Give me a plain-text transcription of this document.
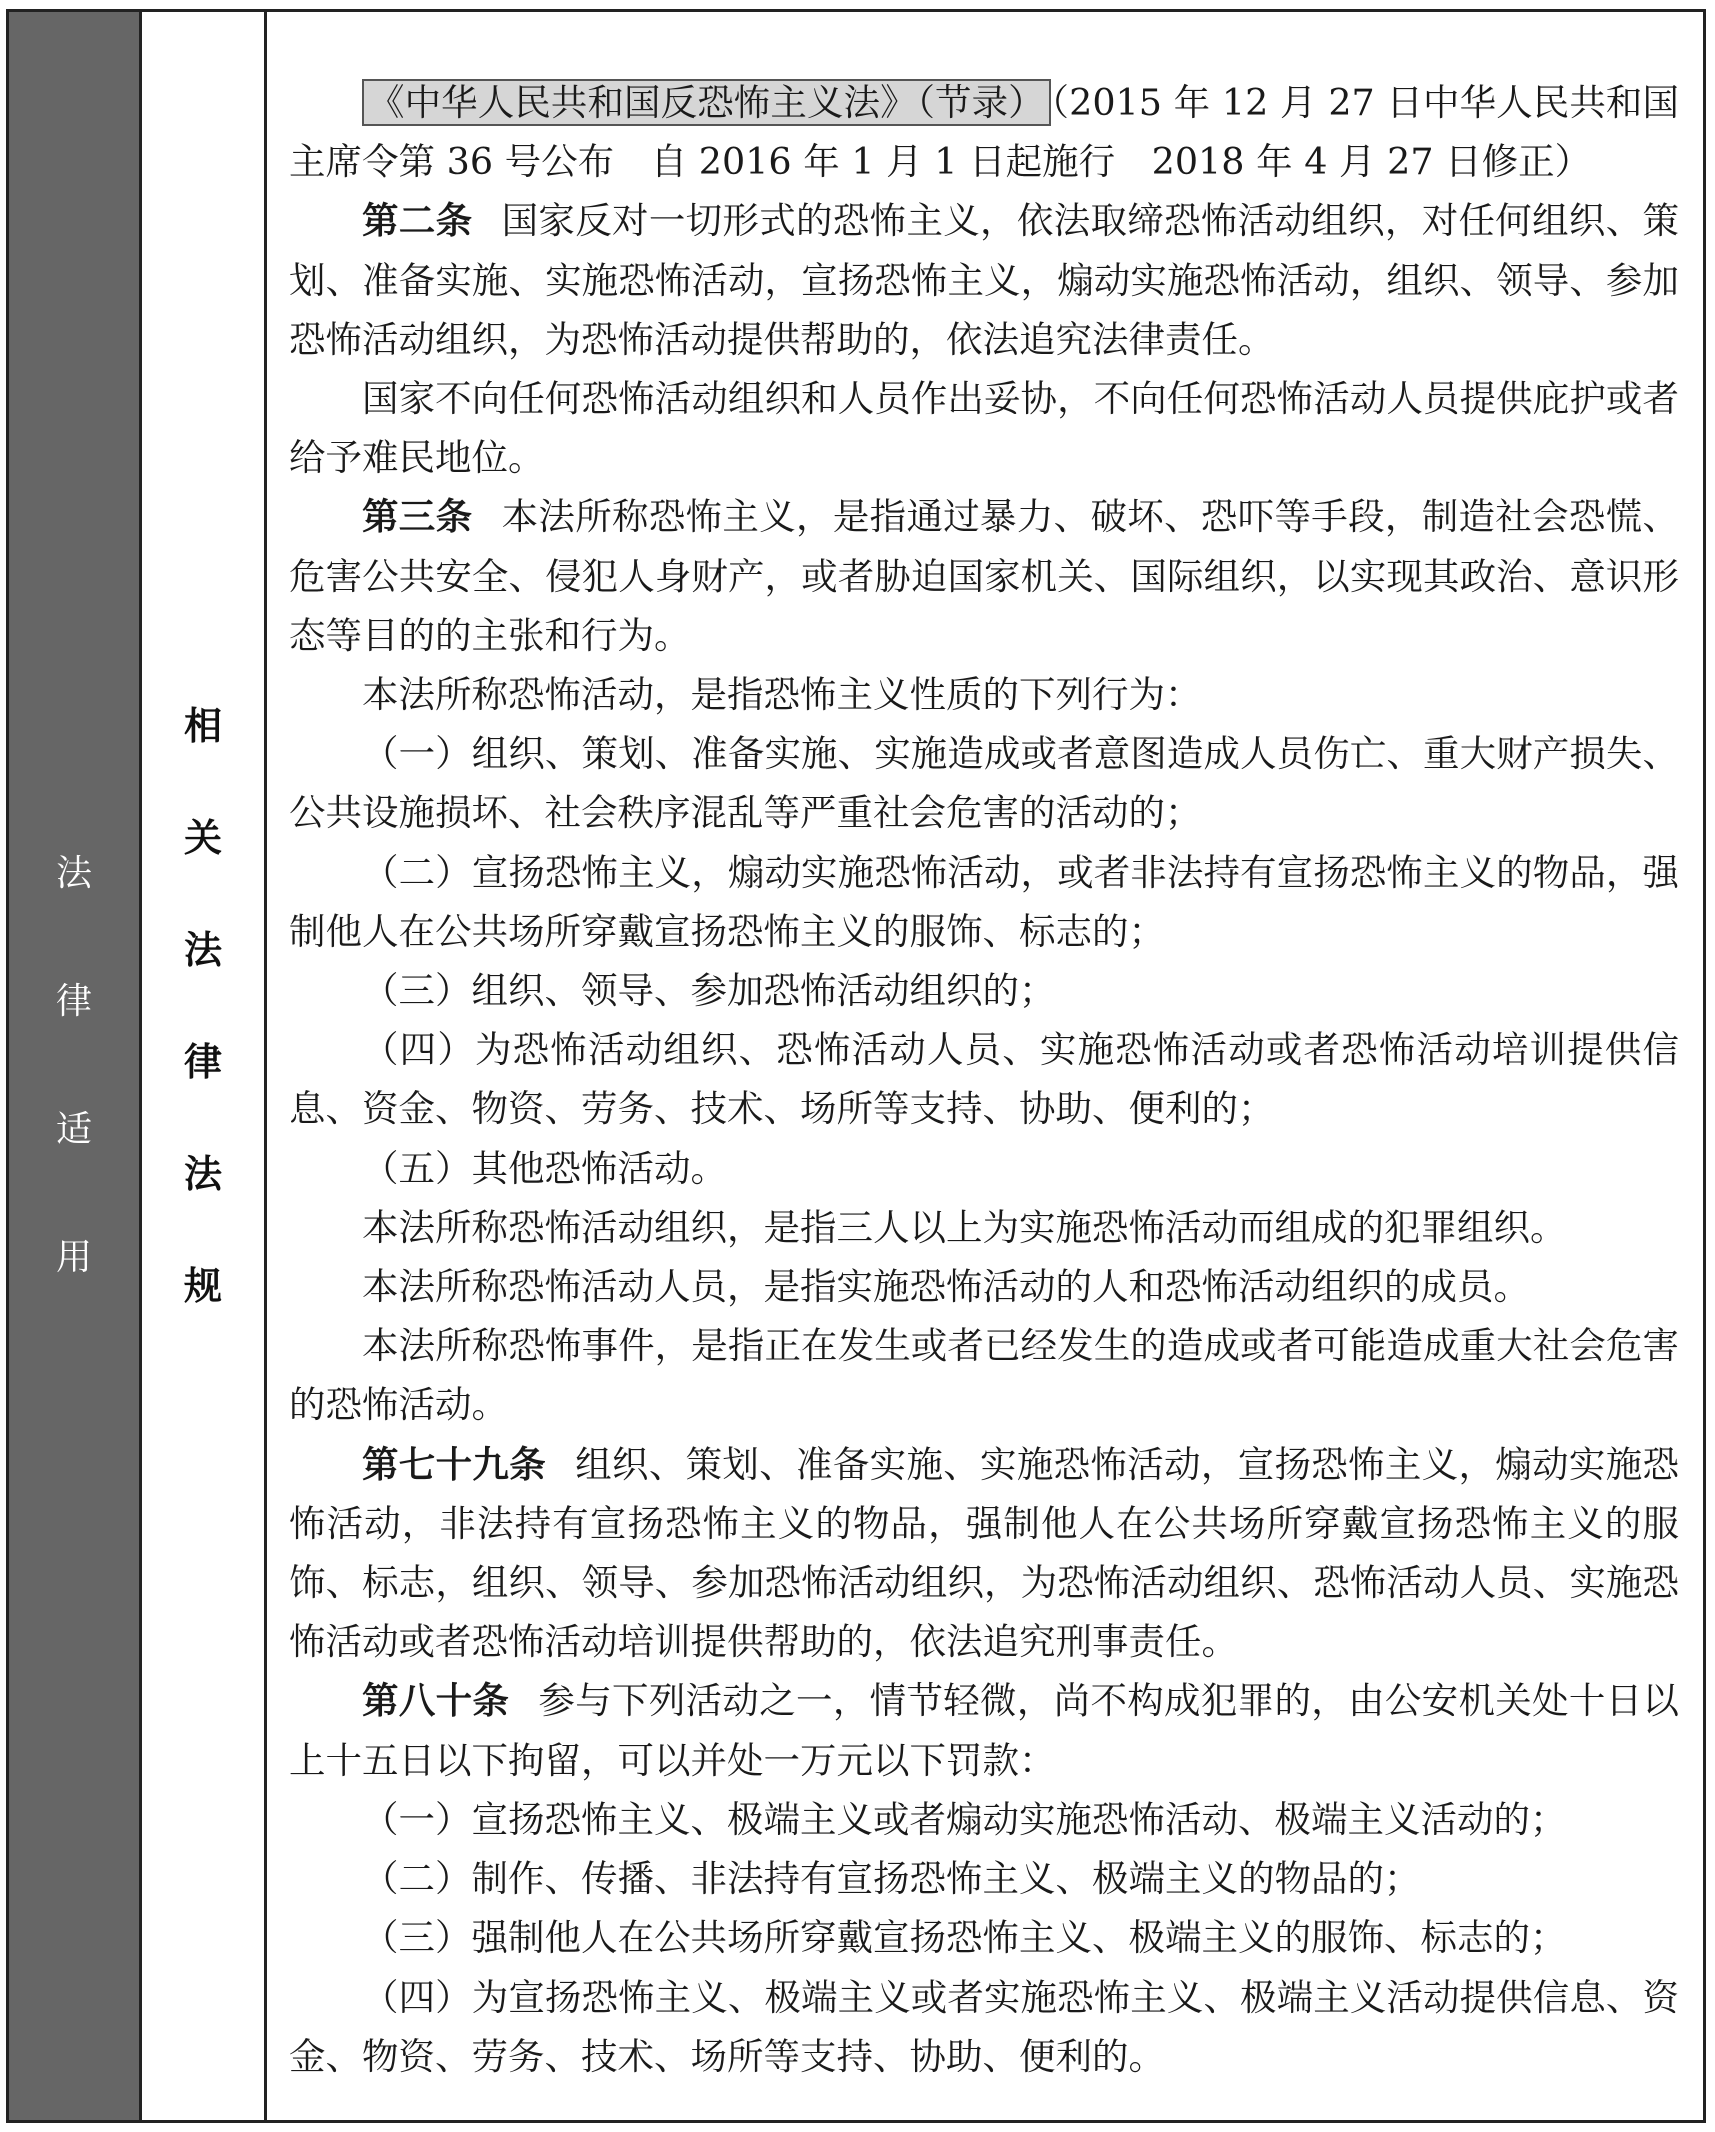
法
律
适
用
相
关
法
律
法
规

《中华人民共和国反恐怖主义法》（节录） （2015 年 12 月 27 日中华人民共和国主席令第 36 号公布　自 2016 年 1 月 1 日起施行　2018 年 4 月 27 日修正）

第二条 国家反对一切形式的恐怖主义，依法取缔恐怖活动组织，对任何组织、策划、准备实施、实施恐怖活动，宣扬恐怖主义，煽动实施恐怖活动，组织、领导、参加恐怖活动组织，为恐怖活动提供帮助的，依法追究法律责任。

国家不向任何恐怖活动组织和人员作出妥协，不向任何恐怖活动人员提供庇护或者给予难民地位。

第三条 本法所称恐怖主义，是指通过暴力、破坏、恐吓等手段，制造社会恐慌、危害公共安全、侵犯人身财产，或者胁迫国家机关、国际组织，以实现其政治、意识形态等目的的主张和行为。

本法所称恐怖活动，是指恐怖主义性质的下列行为：

（一）组织、策划、准备实施、实施造成或者意图造成人员伤亡、重大财产损失、公共设施损坏、社会秩序混乱等严重社会危害的活动的；

（二）宣扬恐怖主义，煽动实施恐怖活动，或者非法持有宣扬恐怖主义的物品，强制他人在公共场所穿戴宣扬恐怖主义的服饰、标志的；

（三）组织、领导、参加恐怖活动组织的；

（四）为恐怖活动组织、恐怖活动人员、实施恐怖活动或者恐怖活动培训提供信息、资金、物资、劳务、技术、场所等支持、协助、便利的；

（五）其他恐怖活动。

本法所称恐怖活动组织，是指三人以上为实施恐怖活动而组成的犯罪组织。

本法所称恐怖活动人员，是指实施恐怖活动的人和恐怖活动组织的成员。

本法所称恐怖事件，是指正在发生或者已经发生的造成或者可能造成重大社会危害的恐怖活动。

第七十九条 组织、策划、准备实施、实施恐怖活动，宣扬恐怖主义，煽动实施恐怖活动，非法持有宣扬恐怖主义的物品，强制他人在公共场所穿戴宣扬恐怖主义的服饰、标志，组织、领导、参加恐怖活动组织，为恐怖活动组织、恐怖活动人员、实施恐怖活动或者恐怖活动培训提供帮助的，依法追究刑事责任。

第八十条 参与下列活动之一，情节轻微，尚不构成犯罪的，由公安机关处十日以上十五日以下拘留，可以并处一万元以下罚款：

（一）宣扬恐怖主义、极端主义或者煽动实施恐怖活动、极端主义活动的；

（二）制作、传播、非法持有宣扬恐怖主义、极端主义的物品的；

（三）强制他人在公共场所穿戴宣扬恐怖主义、极端主义的服饰、标志的；

（四）为宣扬恐怖主义、极端主义或者实施恐怖主义、极端主义活动提供信息、资金、物资、劳务、技术、场所等支持、协助、便利的。
